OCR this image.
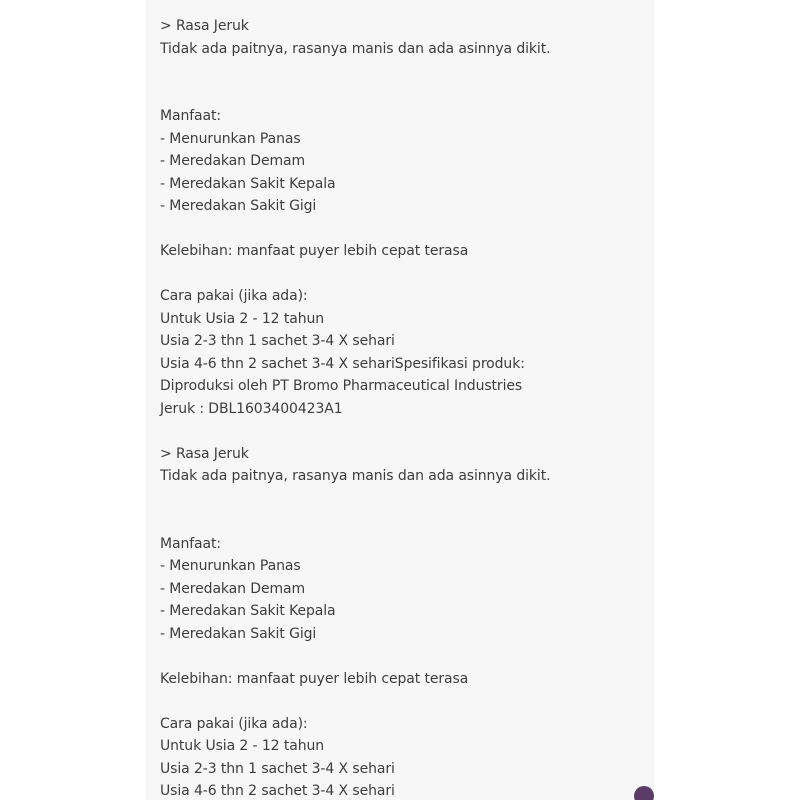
> Rasa Jeruk
Tidak ada paitnya, rasanya manis dan ada asinnya dikit.
Manfaat:
- Menurunkan Panas
- Meredakan Demam
- Meredakan Sakit Kepala
- Meredakan Sakit Gigi
Kelebihan: manfaat puyer lebih cepat terasa
Cara pakai (jika ada):
Untuk Usia 2 - 12 tahun
Usia 2-3 thn 1 sachet 3-4 X sehari
Usia 4-6 thn 2 sachet 3-4 X sehariSpesifikasi produk:
Diproduksi oleh PT Bromo Pharmaceutical Industries
Jeruk : DBL1603400423A1
> Rasa Jeruk
Tidak ada paitnya, rasanya manis dan ada asinnya dikit.
Manfaat:
- Menurunkan Panas
- Meredakan Demam
- Meredakan Sakit Kepala
- Meredakan Sakit Gigi
Kelebihan: manfaat puyer lebih cepat terasa
Cara pakai (jika ada):
Untuk Usia 2 - 12 tahun
Usia 2-3 thn 1 sachet 3-4 X sehari
Usia 4-6 thn 2 sachet 3-4 X sehari
